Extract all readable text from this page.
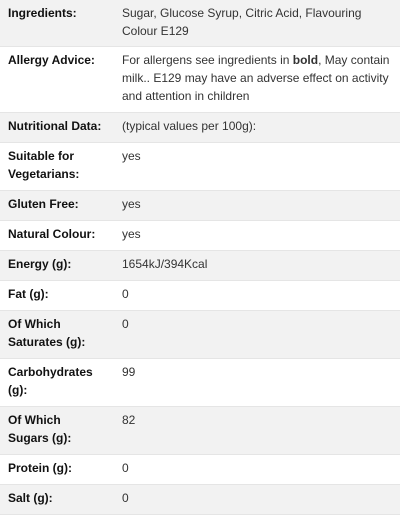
Ingredients:	Sugar, Glucose Syrup, Citric Acid, Flavouring Colour E129
Allergy Advice:	For allergens see ingredients in bold, May contain milk.. E129 may have an adverse effect on activity and attention in children
Nutritional Data:	(typical values per 100g):
Suitable for Vegetarians:	yes
Gluten Free:	yes
Natural Colour:	yes
Energy (g):	1654kJ/394Kcal
Fat (g):	0
Of Which Saturates (g):	0
Carbohydrates (g):	99
Of Which Sugars (g):	82
Protein (g):	0
Salt (g):	0
